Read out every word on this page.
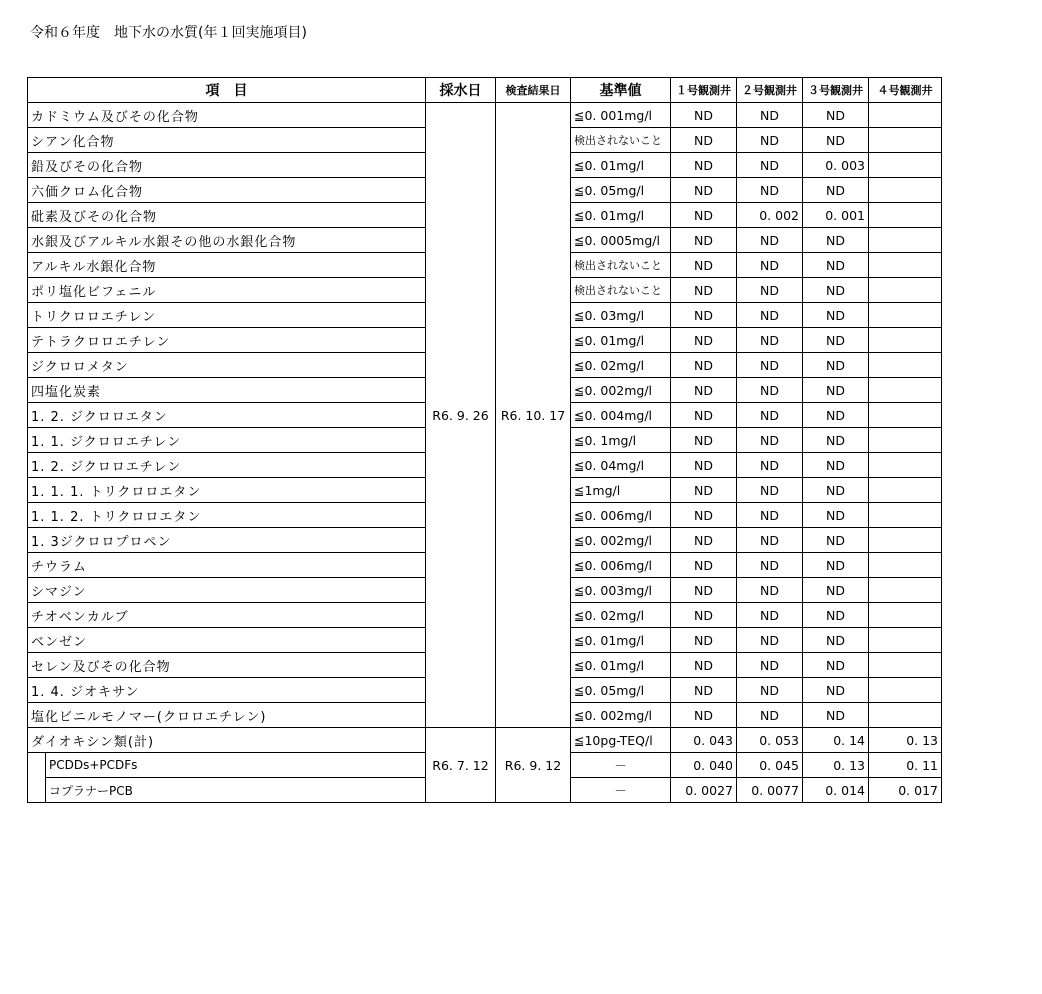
令和６年度　地下水の水質(年１回実施項目)
項　目		採水日	検査結果日	基準値	１号観測井	２号観測井	３号観測井	４号観測井
カドミウム及びその化合物		R6. 9. 26	R6. 10. 17	≦0. 001mg/l	ND	ND	ND	
シアン化合物				検出されないこと	ND	ND	ND	
鉛及びその化合物				≦0. 01mg/l	ND	ND	0. 003	
六価クロム化合物				≦0. 05mg/l	ND	ND	ND	
砒素及びその化合物				≦0. 01mg/l	ND	0. 002	0. 001	
水銀及びアルキル水銀その他の水銀化合物				≦0. 0005mg/l	ND	ND	ND	
アルキル水銀化合物				検出されないこと	ND	ND	ND	
ポリ塩化ビフェニル				検出されないこと	ND	ND	ND	
トリクロロエチレン				≦0. 03mg/l	ND	ND	ND	
テトラクロロエチレン				≦0. 01mg/l	ND	ND	ND	
ジクロロメタン				≦0. 02mg/l	ND	ND	ND	
四塩化炭素				≦0. 002mg/l	ND	ND	ND	
1. 2. ジクロロエタン				≦0. 004mg/l	ND	ND	ND	
1. 1. ジクロロエチレン				≦0. 1mg/l	ND	ND	ND	
1. 2. ジクロロエチレン				≦0. 04mg/l	ND	ND	ND	
1. 1. 1. トリクロロエタン				≦1mg/l	ND	ND	ND	
1. 1. 2. トリクロロエタン				≦0. 006mg/l	ND	ND	ND	
1. 3ジクロロプロペン				≦0. 002mg/l	ND	ND	ND	
チウラム				≦0. 006mg/l	ND	ND	ND	
シマジン				≦0. 003mg/l	ND	ND	ND	
チオベンカルブ				≦0. 02mg/l	ND	ND	ND	
ベンゼン				≦0. 01mg/l	ND	ND	ND	
セレン及びその化合物				≦0. 01mg/l	ND	ND	ND	
1. 4. ジオキサン				≦0. 05mg/l	ND	ND	ND	
塩化ビニルモノマー(クロロエチレン)				≦0. 002mg/l	ND	ND	ND	
ダイオキシン類(計)		R6. 7. 12	R6. 9. 12	≦10pg-TEQ/l	0. 043	0. 053	0. 14	0. 13
	PCDDs+PCDFs			－	0. 040	0. 045	0. 13	0. 11
	コプラナーPCB			－	0. 0027	0. 0077	0. 014	0. 017
